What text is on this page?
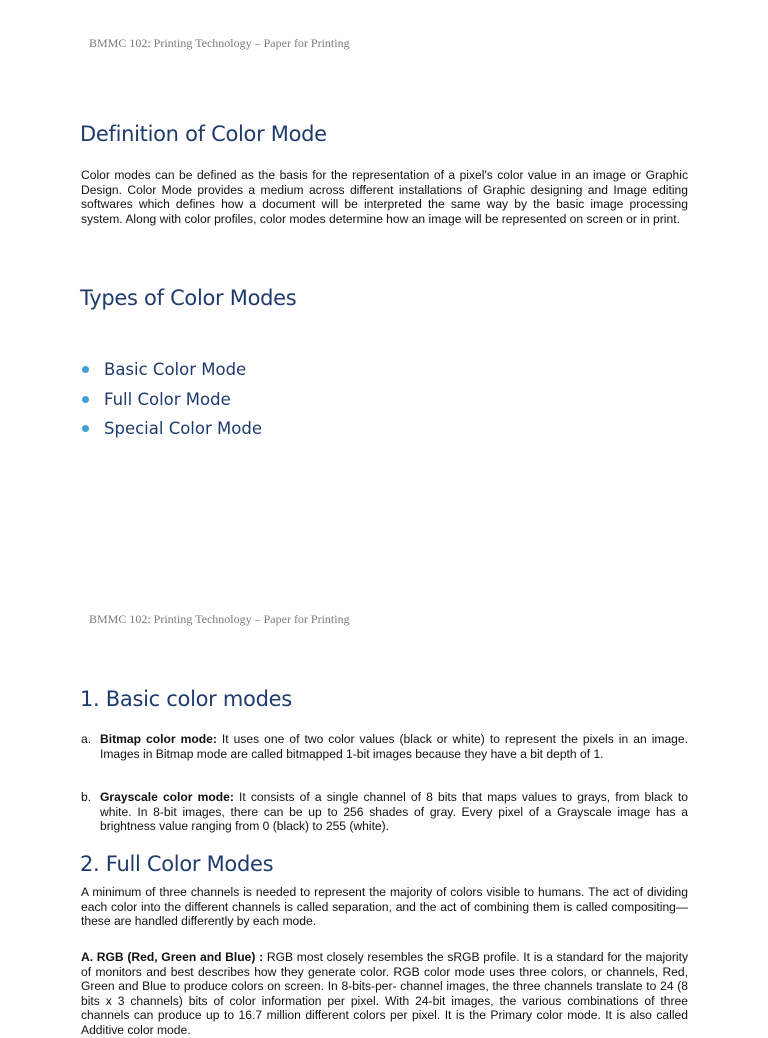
BMMC 102: Printing Technology – Paper for Printing
Definition of Color Mode

Color modes can be defined as the basis for the representation of a pixel's color value in an image or Graphic Design. Color Mode provides a medium across different installations of Graphic designing and Image editing softwares which defines how a document will be interpreted the same way by the basic image processing system. Along with color profiles, color modes determine how an image will be represented on screen or in print.

Types of Color Modes
Basic Color Mode
Full Color Mode
Special Color Mode
BMMC 102: Printing Technology – Paper for Printing
1. Basic color modes
a. Bitmap color mode: It uses one of two color values (black or white) to represent the pixels in an image. Images in Bitmap mode are called bitmapped 1-bit images because they have a bit depth of 1.
b. Grayscale color mode: It consists of a single channel of 8 bits that maps values to grays, from black to white. In 8-bit images, there can be up to 256 shades of gray. Every pixel of a Grayscale image has a brightness value ranging from 0 (black) to 255 (white).
2. Full Color Modes

A minimum of three channels is needed to represent the majority of colors visible to humans. The act of dividing each color into the different channels is called separation, and the act of combining them is called compositing— these are handled differently by each mode.

A. RGB (Red, Green and Blue) : RGB most closely resembles the sRGB profile. It is a standard for the majority of monitors and best describes how they generate color. RGB color mode uses three colors, or channels, Red, Green and Blue to produce colors on screen. In 8-bits-per- channel images, the three channels translate to 24 (8 bits x 3 channels) bits of color information per pixel. With 24-bit images, the various combinations of three channels can produce up to 16.7 million different colors per pixel. It is the Primary color mode. It is also called Additive color mode.
